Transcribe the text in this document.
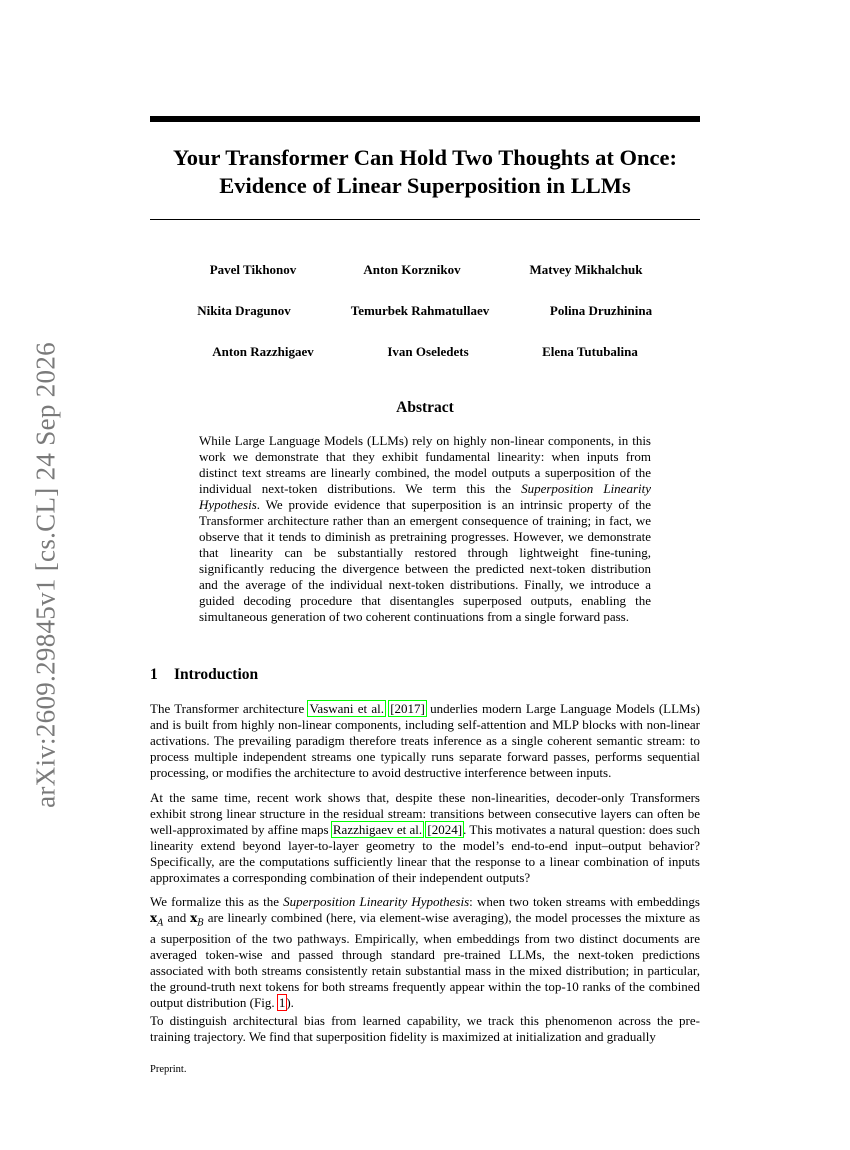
arXiv:2609.29845v1 [cs.CL] 24 Sep 2026
Your Transformer Can Hold Two Thoughts at Once:
Evidence of Linear Superposition in LLMs
Pavel Tikhonov	Anton Korznikov	Matvey Mikhalchuk
Nikita Dragunov	Temurbek Rahmatullaev	Polina Druzhinina
Anton Razzhigaev	Ivan Oseledets	Elena Tutubalina
Abstract
While Large Language Models (LLMs) rely on highly non-linear components, in this work we demonstrate that they exhibit fundamental linearity: when inputs from distinct text streams are linearly combined, the model outputs a superposition of the individual next-token distributions. We term this the Superposition Linearity Hypothesis. We provide evidence that superposition is an intrinsic property of the Transformer architecture rather than an emergent consequence of training; in fact, we observe that it tends to diminish as pretraining progresses. However, we demonstrate that linearity can be substantially restored through lightweight fine-tuning, significantly reducing the divergence between the predicted next-token distribution and the average of the individual next-token distributions. Finally, we introduce a guided decoding procedure that disentangles superposed outputs, enabling the simultaneous generation of two coherent continuations from a single forward pass.
1 Introduction
The Transformer architecture Vaswani et al. [2017] underlies modern Large Language Models (LLMs) and is built from highly non-linear components, including self-attention and MLP blocks with non-linear activations. The prevailing paradigm therefore treats inference as a single coherent semantic stream: to process multiple independent streams one typically runs separate forward passes, performs sequential processing, or modifies the architecture to avoid destructive interference between inputs.
At the same time, recent work shows that, despite these non-linearities, decoder-only Transformers exhibit strong linear structure in the residual stream: transitions between consecutive layers can often be well-approximated by affine maps Razzhigaev et al. [2024]. This motivates a natural question: does such linearity extend beyond layer-to-layer geometry to the model’s end-to-end input–output behavior? Specifically, are the computations sufficiently linear that the response to a linear combination of inputs approximates a corresponding combination of their independent outputs?
We formalize this as the Superposition Linearity Hypothesis: when two token streams with embeddings $x_A$ and $x_B$ are linearly combined (here, via element-wise averaging), the model processes the mixture as a superposition of the two pathways. Empirically, when embeddings from two distinct documents are averaged token-wise and passed through standard pre-trained LLMs, the next-token predictions associated with both streams consistently retain substantial mass in the mixed distribution; in particular, the ground-truth next tokens for both streams frequently appear within the top-10 ranks of the combined output distribution (Fig. 1).
To distinguish architectural bias from learned capability, we track this phenomenon across the pre-training trajectory. We find that superposition fidelity is maximized at initialization and gradually
Preprint.
